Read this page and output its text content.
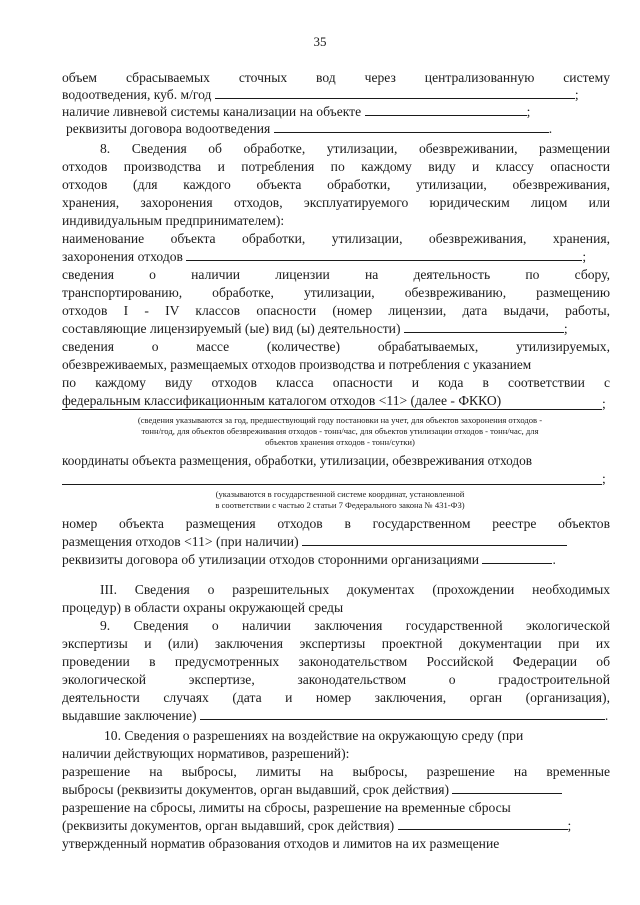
35
объем сбрасываемых сточных вод через централизованную систему
водоотведения, куб. м/год	;
наличие ливневой системы канализации на объекте	;
реквизиты договора водоотведения	.
8. Сведения об обработке, утилизации, обезвреживании, размещении
отходов производства и потребления по каждому виду и классу опасности
отходов (для каждого объекта обработки, утилизации, обезвреживания,
хранения, захоронения отходов, эксплуатируемого юридическим лицом или
индивидуальным предпринимателем):
наименование объекта обработки, утилизации, обезвреживания, хранения,
захоронения отходов	;
сведения о наличии лицензии на деятельность по сбору,
транспортированию, обработке, утилизации, обезвреживанию, размещению
отходов I - IV классов опасности (номер лицензии, дата выдачи, работы,
составляющие лицензируемый (ые) вид (ы) деятельности)	;
сведения о массе (количестве) обрабатываемых, утилизируемых,
обезвреживаемых, размещаемых отходов производства и потребления с указанием
по каждому виду отходов класса опасности и кода в соответствии с
федеральным классификационным каталогом отходов <11> (далее - ФККО)	;
(сведения указываются за год, предшествующий году постановки на учет, для объектов захоронения отходов -
тонн/год, для объектов обезвреживания отходов - тонн/час, для объектов утилизации отходов - тонн/час, для
объектов хранения отходов - тонн/сутки)
координаты объекта размещения, обработки, утилизации, обезвреживания отходов
;
(указываются в государственной системе координат, установленной
в соответствии с частью 2 статьи 7 Федерального закона № 431-ФЗ)
номер объекта размещения отходов в государственном реестре объектов
размещения отходов <11> (при наличии)
реквизиты договора об утилизации отходов сторонними организациями	.
III. Сведения о разрешительных документах (прохождении необходимых
процедур) в области охраны окружающей среды
9. Сведения о наличии заключения государственной экологической
экспертизы и (или) заключения экспертизы проектной документации при их
проведении в предусмотренных законодательством Российской Федерации об
экологической экспертизе, законодательством о градостроительной
деятельности случаях (дата и номер заключения, орган (организация),
выдавшие заключение)	.
10. Сведения о разрешениях на воздействие на окружающую среду (при
наличии действующих нормативов, разрешений):
разрешение на выбросы, лимиты на выбросы, разрешение на временные
выбросы (реквизиты документов, орган выдавший, срок действия)
разрешение на сбросы, лимиты на сбросы, разрешение на временные сбросы
(реквизиты документов, орган выдавший, срок действия)	;
утвержденный норматив образования отходов и лимитов на их размещение
